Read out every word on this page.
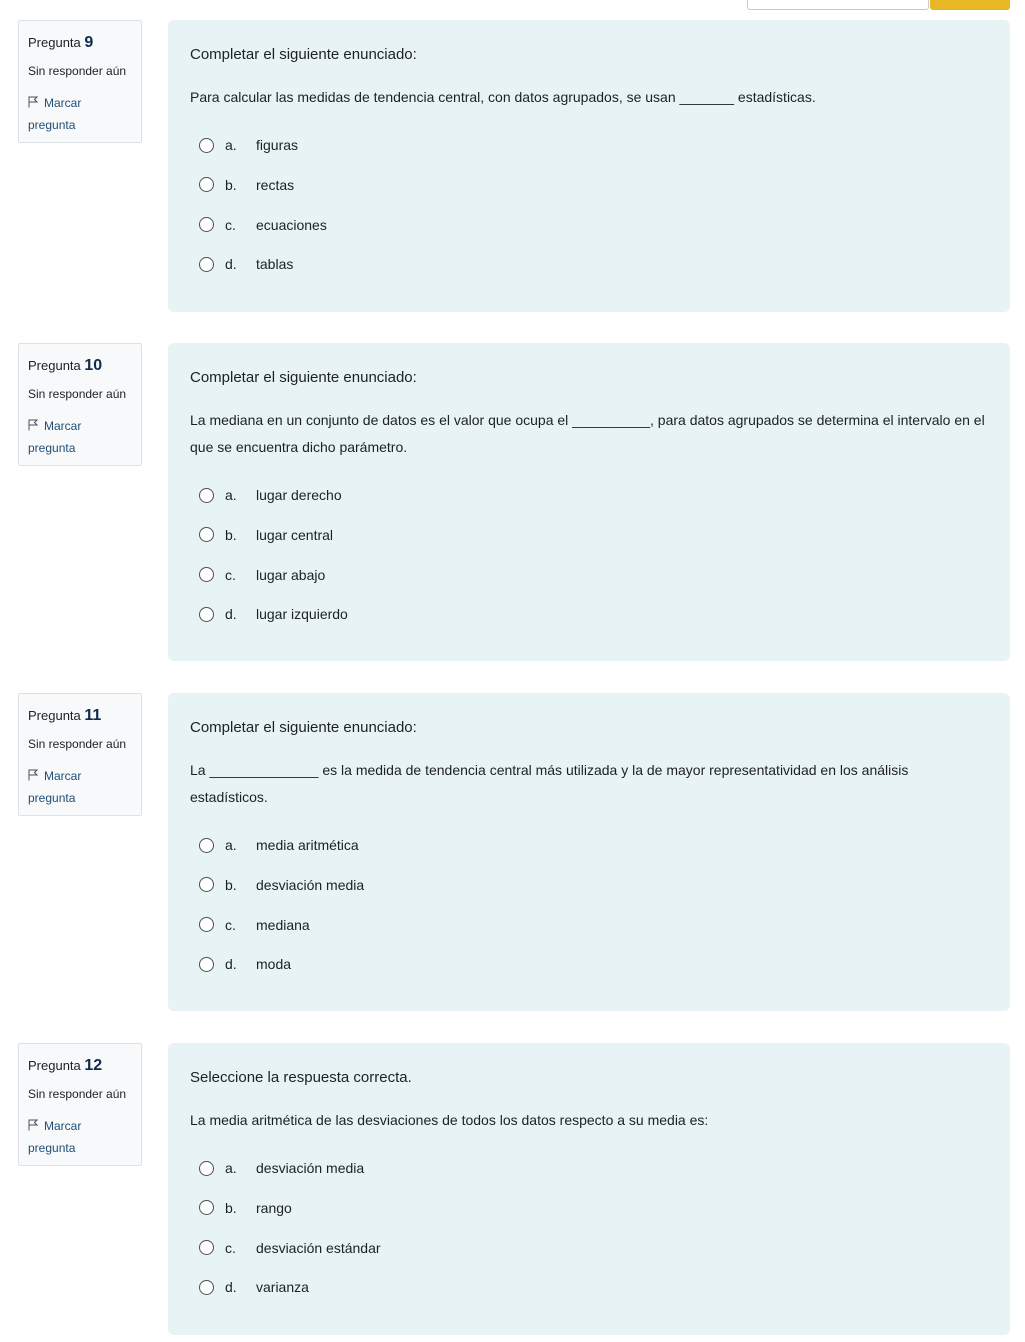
Pregunta 9
Sin responder aún
Marcar
pregunta
Completar el siguiente enunciado:
Para calcular las medidas de tendencia central, con datos agrupados, se usan _______ estadísticas.
a.	figuras
b.	rectas
c.	ecuaciones
d.	tablas
Pregunta 10
Sin responder aún
Marcar
pregunta
Completar el siguiente enunciado:
La mediana en un conjunto de datos es el valor que ocupa el __________, para datos agrupados se determina el intervalo en el que se encuentra dicho parámetro.
a.	lugar derecho
b.	lugar central
c.	lugar abajo
d.	lugar izquierdo
Pregunta 11
Sin responder aún
Marcar
pregunta
Completar el siguiente enunciado:
La ______________ es la medida de tendencia central más utilizada y la de mayor representatividad en los análisis estadísticos.
a.	media aritmética
b.	desviación media
c.	mediana
d.	moda
Pregunta 12
Sin responder aún
Marcar
pregunta
Seleccione la respuesta correcta.
La media aritmética de las desviaciones de todos los datos respecto a su media es:
a.	desviación media
b.	rango
c.	desviación estándar
d.	varianza
